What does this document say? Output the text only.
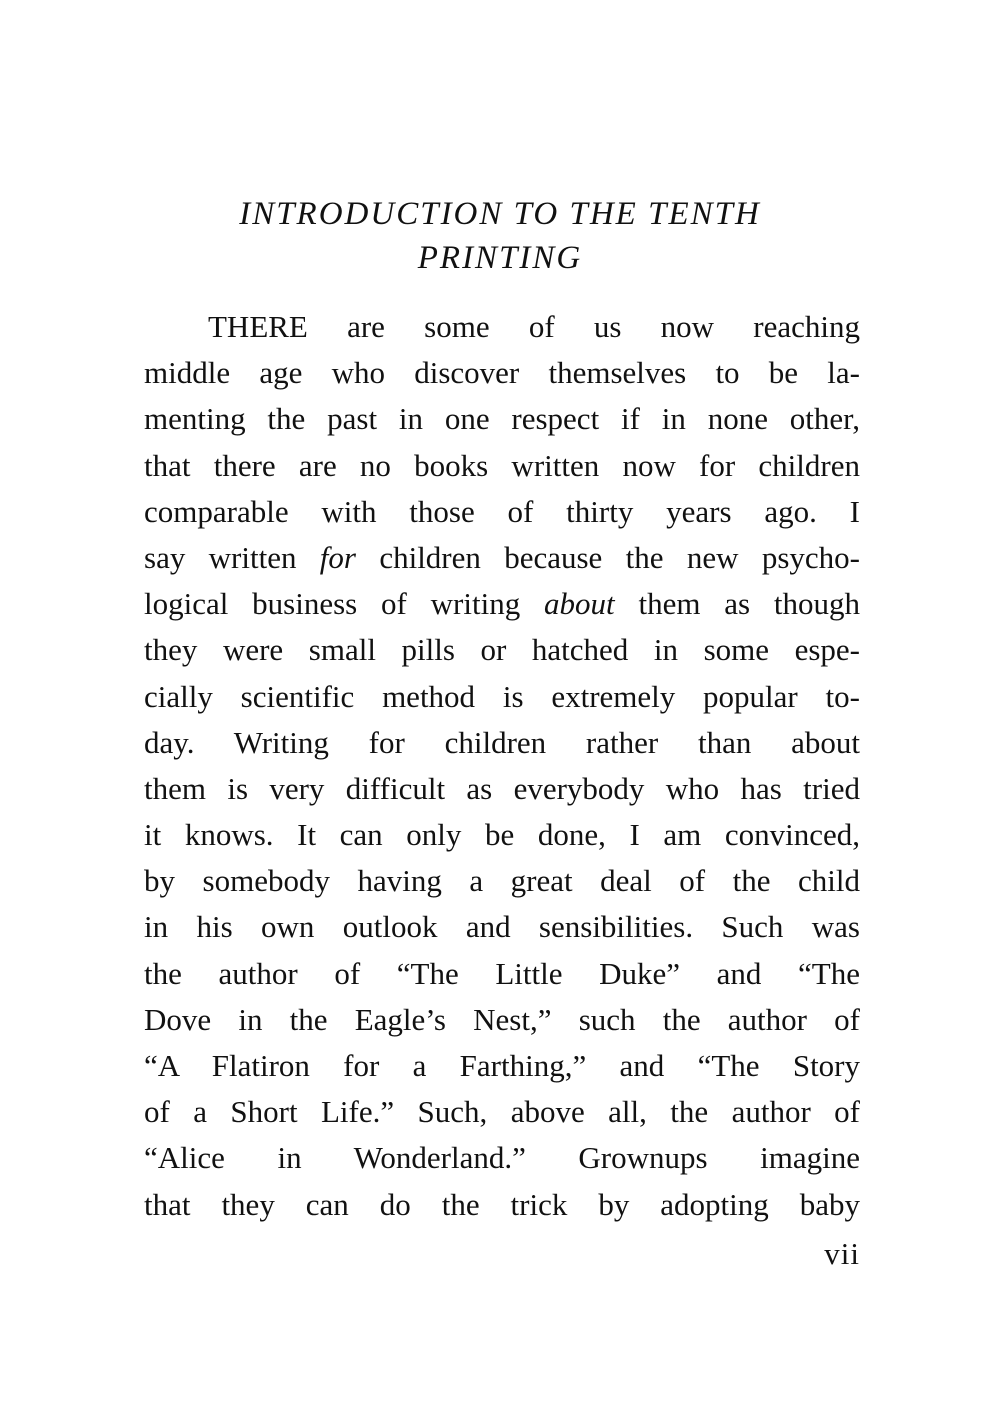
INTRODUCTION TO THE TENTH
PRINTING
THERE are some of us now reaching
middle age who discover themselves to be la-
menting the past in one respect if in none other,
that there are no books written now for children
comparable with those of thirty years ago. I
say written for children because the new psycho-
logical business of writing about them as though
they were small pills or hatched in some espe-
cially scientific method is extremely popular to-
day. Writing for children rather than about
them is very difficult as everybody who has tried
it knows. It can only be done, I am convinced,
by somebody having a great deal of the child
in his own outlook and sensibilities. Such was
the author of “The Little Duke” and “The
Dove in the Eagle’s Nest,” such the author of
“A Flatiron for a Farthing,” and “The Story
of a Short Life.” Such, above all, the author of
“Alice in Wonderland.” Grownups imagine
that they can do the trick by adopting baby
vii
